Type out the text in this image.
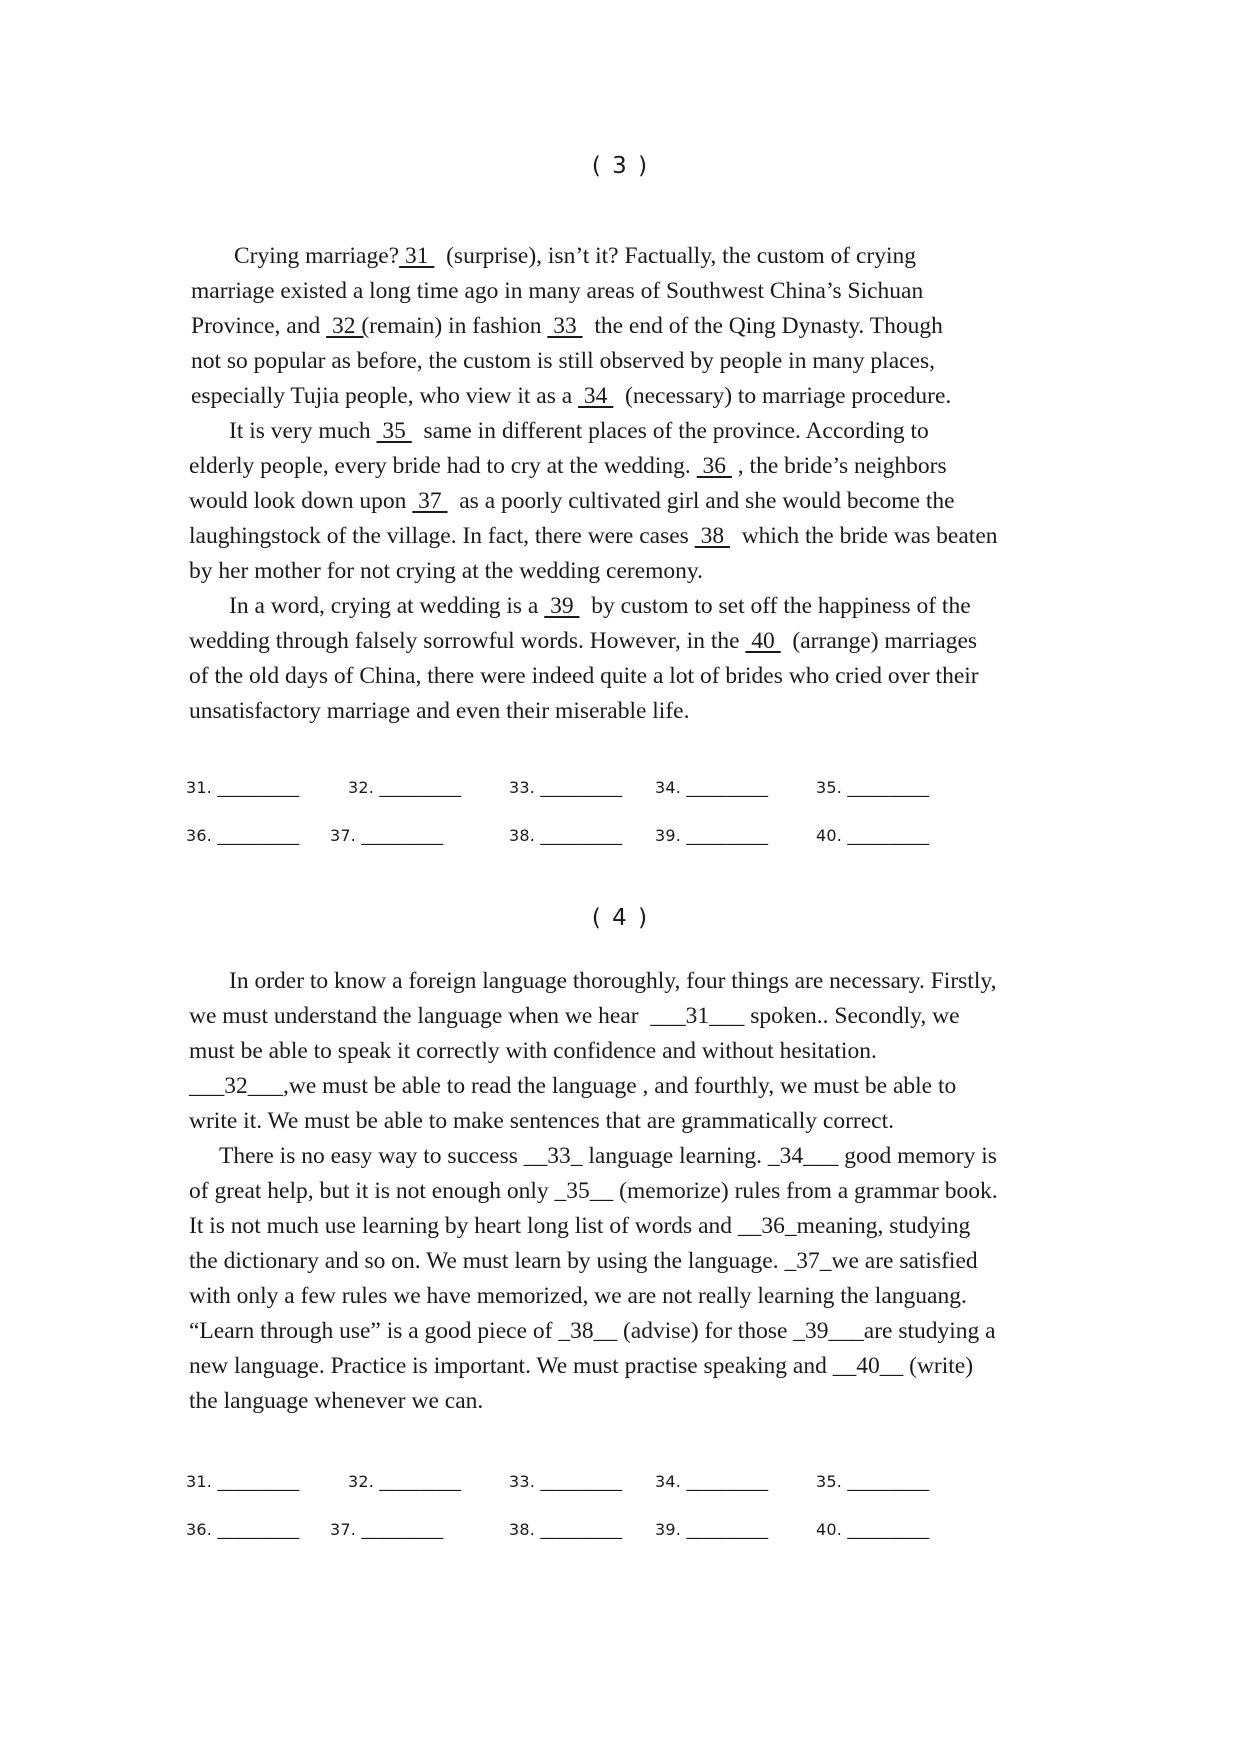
( 3 )
Crying marriage? 31   (surprise), isn’t it? Factually, the custom of crying
marriage existed a long time ago in many areas of Southwest China’s Sichuan
Province, and  32 (remain) in fashion  33   the end of the Qing Dynasty. Though
not so popular as before, the custom is still observed by people in many places,
especially Tujia people, who view it as a  34   (necessary) to marriage procedure.
It is very much  35   same in different places of the province. According to
elderly people, every bride had to cry at the wedding.  36  , the bride’s neighbors
would look down upon  37   as a poorly cultivated girl and she would become the
laughingstock of the village. In fact, there were cases  38   which the bride was beaten
by her mother for not crying at the wedding ceremony.
In a word, crying at wedding is a  39   by custom to set off the happiness of the
wedding through falsely sorrowful words. However, in the  40   (arrange) marriages
of the old days of China, there were indeed quite a lot of brides who cried over their
unsatisfactory marriage and even their miserable life.
31. __________	32. __________	33. __________ 34. __________	35. __________
36. __________ 37. __________	38. __________ 39. __________	40. __________
( 4 )
In order to know a foreign language thoroughly, four things are necessary. Firstly,
we must understand the language when we hear  ___31___ spoken.. Secondly, we
must be able to speak it correctly with confidence and without hesitation.
___32___,we must be able to read the language , and fourthly, we must be able to
write it. We must be able to make sentences that are grammatically correct.
There is no easy way to success __33_ language learning. _34___ good memory is
of great help, but it is not enough only _35__ (memorize) rules from a grammar book.
It is not much use learning by heart long list of words and __36_meaning, studying
the dictionary and so on. We must learn by using the language. _37_we are satisfied
with only a few rules we have memorized, we are not really learning the languang.
“Learn through use” is a good piece of _38__ (advise) for those _39___are studying a
new language. Practice is important. We must practise speaking and __40__ (write)
the language whenever we can.
31. __________	32. __________	33. __________ 34. __________	35. __________
36. __________ 37. __________	38. __________ 39. __________	40. __________
